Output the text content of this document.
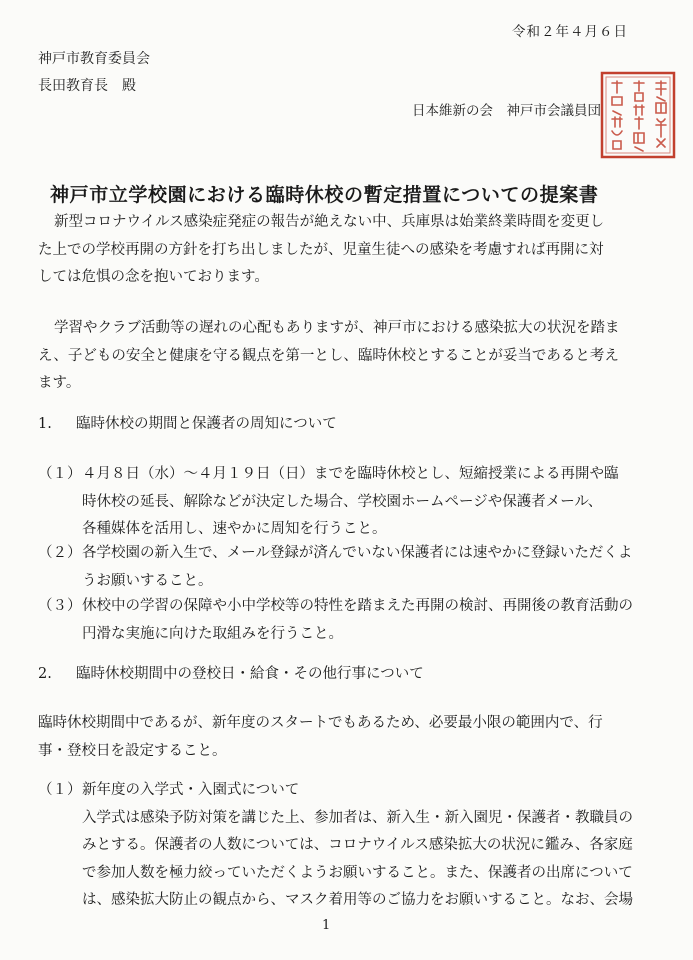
令和２年４月６日
神戸市教育委員会
長田教育長　殿
日本維新の会　神戸市会議員団
神戸市立学校園における臨時休校の暫定措置についての提案書
新型コロナウイルス感染症発症の報告が絶えない中、兵庫県は始業終業時間を変更し
た上での学校再開の方針を打ち出しましたが、児童生徒への感染を考慮すれば再開に対
しては危惧の念を抱いております。
学習やクラブ活動等の遅れの心配もありますが、神戸市における感染拡大の状況を踏ま
え、子どもの安全と健康を守る観点を第一とし、臨時休校とすることが妥当であると考え
ます。
1. 臨時休校の期間と保護者の周知について
（１） ４月８日（水）～４月１９日（日）までを臨時休校とし、短縮授業による再開や臨
時休校の延長、解除などが決定した場合、学校園ホームページや保護者メール、
各種媒体を活用し、速やかに周知を行うこと。
（２） 各学校園の新入生で、メール登録が済んでいない保護者には速やかに登録いただくよ
うお願いすること。
（３） 休校中の学習の保障や小中学校等の特性を踏まえた再開の検討、再開後の教育活動の
円滑な実施に向けた取組みを行うこと。
2. 臨時休校期間中の登校日・給食・その他行事について
臨時休校期間中であるが、新年度のスタートでもあるため、必要最小限の範囲内で、行
事・登校日を設定すること。
（１） 新年度の入学式・入園式について
入学式は感染予防対策を講じた上、参加者は、新入生・新入園児・保護者・教職員の
みとする。保護者の人数については、コロナウイルス感染拡大の状況に鑑み、各家庭
で参加人数を極力絞っていただくようお願いすること。また、保護者の出席について
は、感染拡大防止の観点から、マスク着用等のご協力をお願いすること。なお、会場
1
